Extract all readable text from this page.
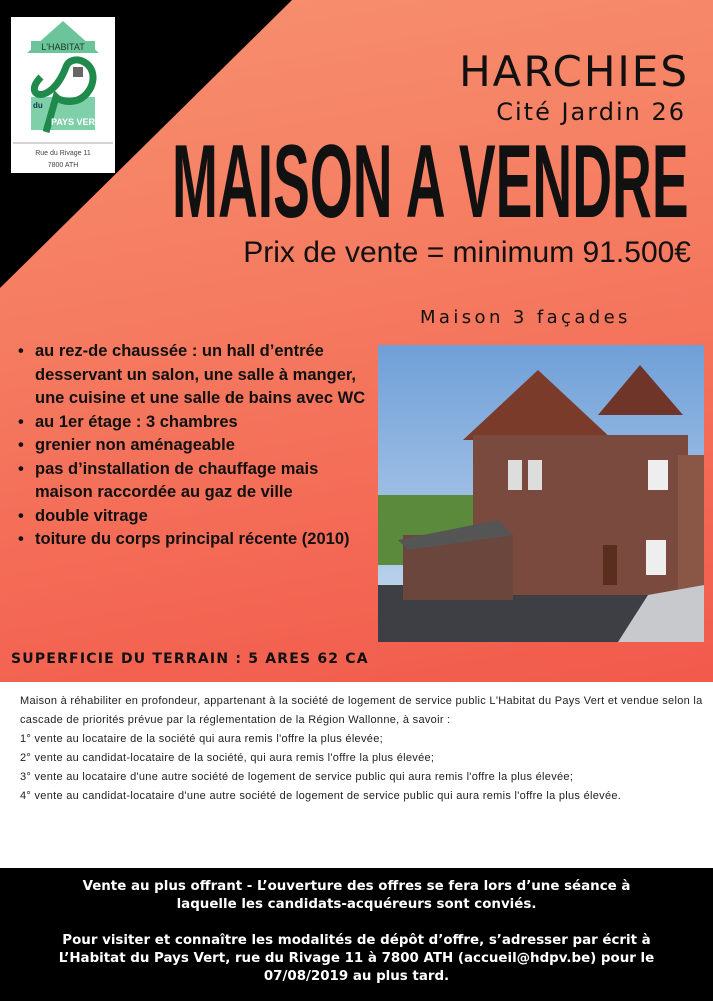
L'HABITAT
du
PAYS VERT
Rue du Rivage 11
7800 ATH
HARCHIES
Cité Jardin 26
MAISON A VENDRE
Prix de vente = minimum 91.500€
Maison 3 façades
• au rez-de chaussée : un hall d’entrée desservant un salon, une salle à manger, une cuisine et une salle de bains avec WC
• au 1er étage : 3 chambres
• grenier non aménageable
• pas d’installation de chauffage mais maison raccordée au gaz de ville
• double vitrage
• toiture du corps principal récente (2010)
SUPERFICIE DU TERRAIN : 5 ARES 62 CA
Maison à réhabiliter en profondeur, appartenant à la société de logement de service public L'Habitat du Pays Vert et vendue selon la cascade de priorités prévue par la réglementation de la Région Wallonne, à savoir :
1° vente au locataire de la société qui aura remis l'offre la plus élevée;
2° vente au candidat-locataire de la société, qui aura remis l'offre la plus élevée;
3° vente au locataire d'une autre société de logement de service public qui aura remis l'offre la plus élevée;
4° vente au candidat-locataire d'une autre société de logement de service public qui aura remis l'offre la plus élevée.

Vente au plus offrant - L’ouverture des offres se fera lors d’une séance à laquelle les candidats-acquéreurs sont conviés.

Pour visiter et connaître les modalités de dépôt d’offre, s’adresser par écrit à L’Habitat du Pays Vert, rue du Rivage 11 à 7800 ATH (accueil@hdpv.be) pour le 07/08/2019 au plus tard.
